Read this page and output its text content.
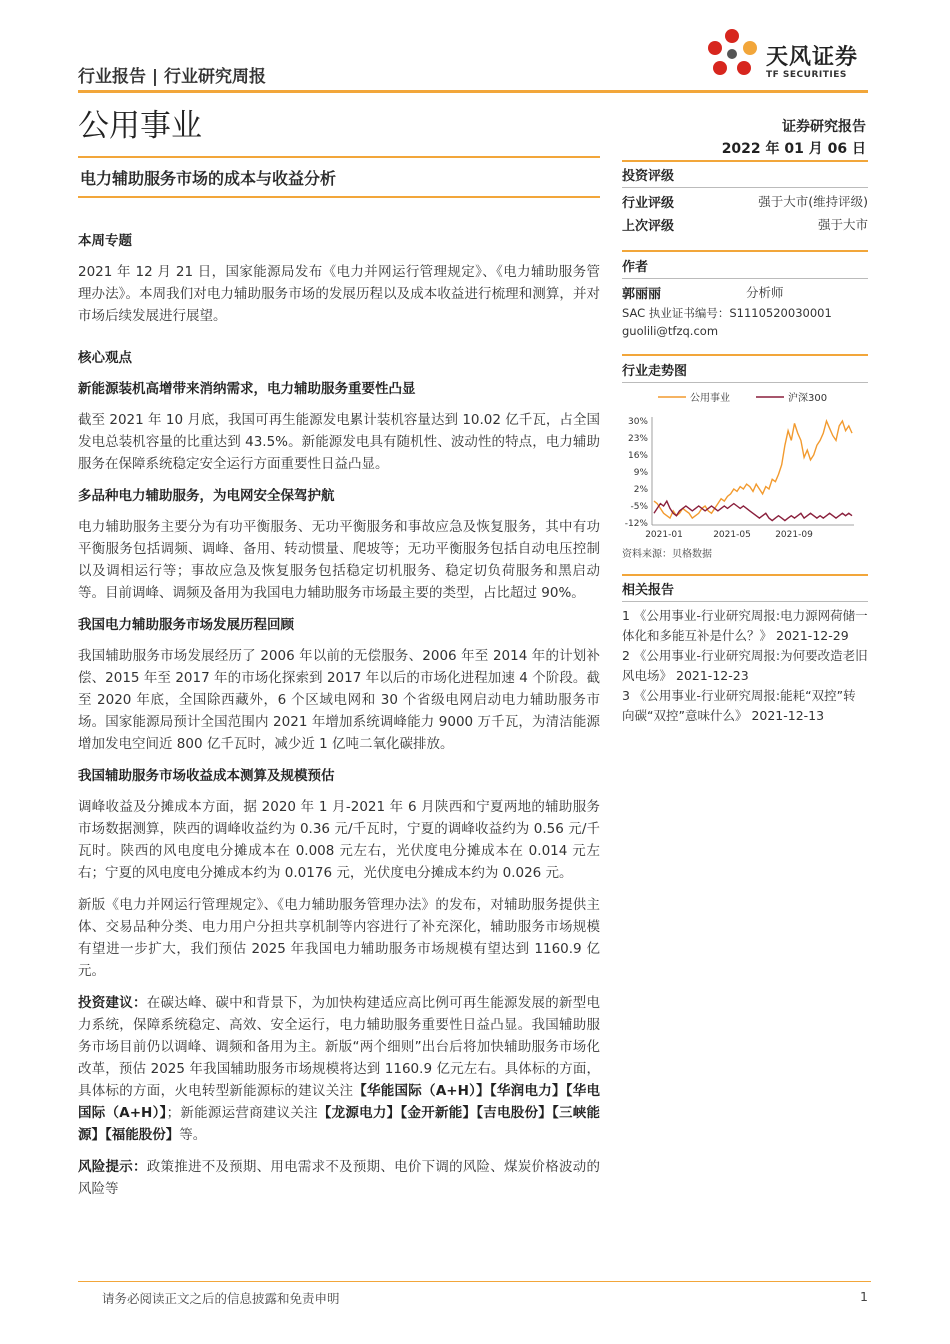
行业报告 | 行业研究周报
天风证券
TF SECURITIES
公用事业	证券研究报告
2022 年 01 月 06 日
电力辅助服务市场的成本与收益分析

本周专题

2021 年 12 月 21 日，国家能源局发布《电力并网运行管理规定》、《电力辅助服务管理办法》。本周我们对电力辅助服务市场的发展历程以及成本收益进行梳理和测算，并对市场后续发展进行展望。

核心观点

新能源装机高增带来消纳需求，电力辅助服务重要性凸显

截至 2021 年 10 月底，我国可再生能源发电累计装机容量达到 10.02 亿千瓦，占全国发电总装机容量的比重达到 43.5%。新能源发电具有随机性、波动性的特点，电力辅助服务在保障系统稳定安全运行方面重要性日益凸显。

多品种电力辅助服务，为电网安全保驾护航

电力辅助服务主要分为有功平衡服务、无功平衡服务和事故应急及恢复服务，其中有功平衡服务包括调频、调峰、备用、转动惯量、爬坡等；无功平衡服务包括自动电压控制以及调相运行等；事故应急及恢复服务包括稳定切机服务、稳定切负荷服务和黑启动等。目前调峰、调频及备用为我国电力辅助服务市场最主要的类型，占比超过 90%。

我国电力辅助服务市场发展历程回顾

我国辅助服务市场发展经历了 2006 年以前的无偿服务、2006 年至 2014 年的计划补偿、2015 年至 2017 年的市场化探索到 2017 年以后的市场化进程加速 4 个阶段。截至 2020 年底，全国除西藏外，6 个区域电网和 30 个省级电网启动电力辅助服务市场。国家能源局预计全国范围内 2021 年增加系统调峰能力 9000 万千瓦，为清洁能源增加发电空间近 800 亿千瓦时，减少近 1 亿吨二氧化碳排放。

我国辅助服务市场收益成本测算及规模预估

调峰收益及分摊成本方面，据 2020 年 1 月-2021 年 6 月陕西和宁夏两地的辅助服务市场数据测算，陕西的调峰收益约为 0.36 元/千瓦时，宁夏的调峰收益约为 0.56 元/千瓦时。陕西的风电度电分摊成本在 0.008 元左右，光伏度电分摊成本在 0.014 元左右；宁夏的风电度电分摊成本约为 0.0176 元，光伏度电分摊成本约为 0.026 元。

新版《电力并网运行管理规定》、《电力辅助服务管理办法》的发布，对辅助服务提供主体、交易品种分类、电力用户分担共享机制等内容进行了补充深化，辅助服务市场规模有望进一步扩大，我们预估 2025 年我国电力辅助服务市场规模有望达到 1160.9 亿元。

投资建议：在碳达峰、碳中和背景下，为加快构建适应高比例可再生能源发展的新型电力系统，保障系统稳定、高效、安全运行，电力辅助服务重要性日益凸显。我国辅助服务市场目前仍以调峰、调频和备用为主。新版“两个细则”出台后将加快辅助服务市场化改革，预估 2025 年我国辅助服务市场规模将达到 1160.9 亿元左右。具体标的方面，具体标的方面，火电转型新能源标的建议关注【华能国际（A+H）】【华润电力】【华电国际（A+H）】；新能源运营商建议关注【龙源电力】【金开新能】【吉电股份】【三峡能源】【福能股份】等。

风险提示：政策推进不及预期、用电需求不及预期、电价下调的风险、煤炭价格波动的风险等

投资评级
行业评级	强于大市(维持评级)
上次评级	强于大市
作者
郭丽丽	分析师
SAC 执业证书编号：S1110520030001
guolili@tfzq.com
行业走势图
公用事业	沪深300
30%
23%
16%
9%
2%
-5%
-12%
2021-01	2021-05	2021-09
资料来源：贝格数据
相关报告
1 《公用事业-行业研究周报:电力源网荷储一体化和多能互补是什么？》 2021-12-29
2 《公用事业-行业研究周报:为何要改造老旧风电场》 2021-12-23
3 《公用事业-行业研究周报:能耗“双控”转向碳“双控”意味什么》 2021-12-13
请务必阅读正文之后的信息披露和免责申明	1
